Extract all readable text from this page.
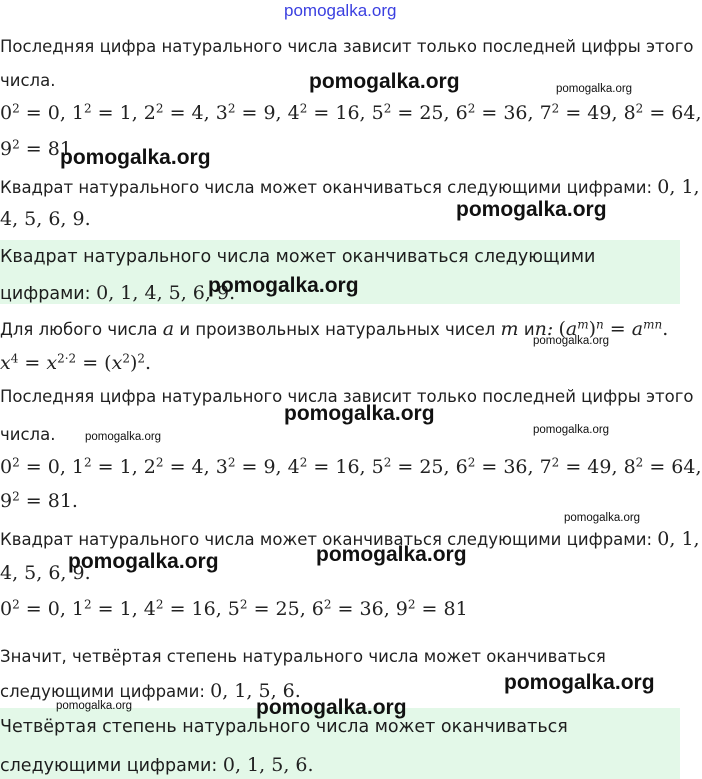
pomogalka.org
Последняя цифра натурального числа зависит только последней цифры этого
числа.
$0^2 = 0$, $1^2 = 1$, $2^2 = 4$, $3^2 = 9$, $4^2 = 16$, $5^2 = 25$, $6^2 = 36$, $7^2 = 49$, $8^2 = 64$,
$9^2 = 81$
Квадрат натурального числа может оканчиваться следующими цифрами: 0, 1,
4, 5, 6, 9.
Квадрат натурального числа может оканчиваться следующими
цифрами: 0, 1, 4, 5, 6, 9.
Для любого числа a и произвольных натуральных чисел m иn: $(a^m)^n = a^{mn}$.
$x^4 = x^{2\cdot 2} = (x^2)^2$.
Последняя цифра натурального числа зависит только последней цифры этого
числа.
$0^2 = 0$, $1^2 = 1$, $2^2 = 4$, $3^2 = 9$, $4^2 = 16$, $5^2 = 25$, $6^2 = 36$, $7^2 = 49$, $8^2 = 64$,
$9^2 = 81$.
Квадрат натурального числа может оканчиваться следующими цифрами: 0, 1,
4, 5, 6, 9.
$0^2 = 0$, $1^2 = 1$, $4^2 = 16$, $5^2 = 25$, $6^2 = 36$, $9^2 = 81$
Значит, четвёртая степень натурального числа может оканчиваться
следующими цифрами: 0, 1, 5, 6.
Четвёртая степень натурального числа может оканчиваться
следующими цифрами: 0, 1, 5, 6.
pomogalka.org	pomogalka.org
pomogalka.org
pomogalka.org
pomogalka.org
pomogalka.org
pomogalka.org
pomogalka.org
pomogalka.org
pomogalka.org
pomogalka.org
pomogalka.org
pomogalka.org
pomogalka.org
pomogalka.org
